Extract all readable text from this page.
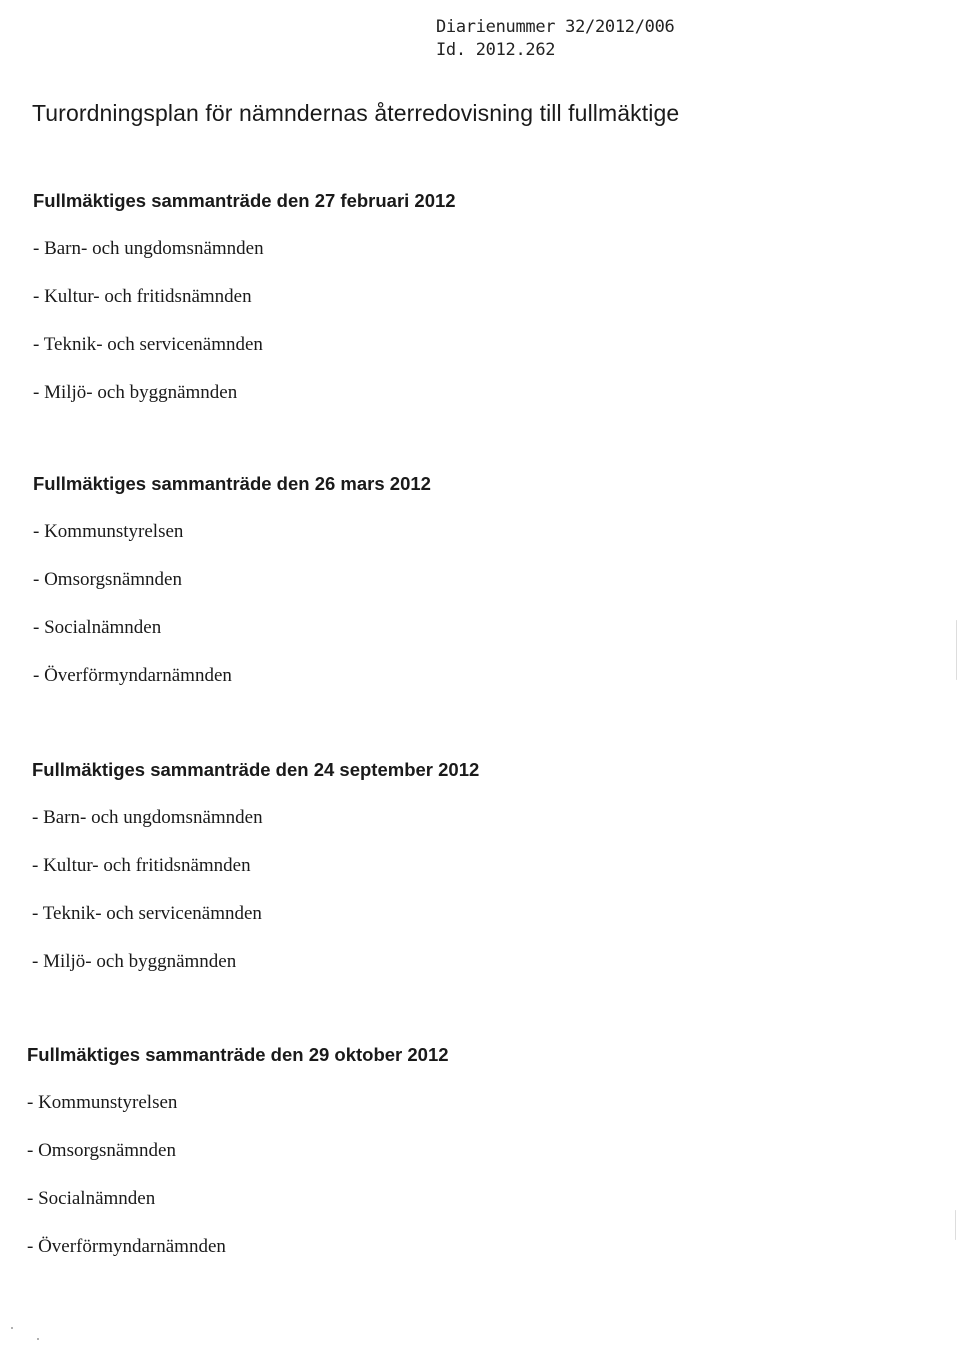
Diarienummer 32/2012/006
Id. 2012.262
Turordningsplan för nämndernas återredovisning till fullmäktige
Fullmäktiges sammanträde den 27 februari 2012
- Barn- och ungdomsnämnden
- Kultur- och fritidsnämnden
- Teknik- och servicenämnden
- Miljö- och byggnämnden
Fullmäktiges sammanträde den 26 mars 2012
- Kommunstyrelsen
- Omsorgsnämnden
- Socialnämnden
- Överförmyndarnämnden
Fullmäktiges sammanträde den 24 september 2012
- Barn- och ungdomsnämnden
- Kultur- och fritidsnämnden
- Teknik- och servicenämnden
- Miljö- och byggnämnden
Fullmäktiges sammanträde den 29 oktober 2012
- Kommunstyrelsen
- Omsorgsnämnden
- Socialnämnden
- Överförmyndarnämnden
